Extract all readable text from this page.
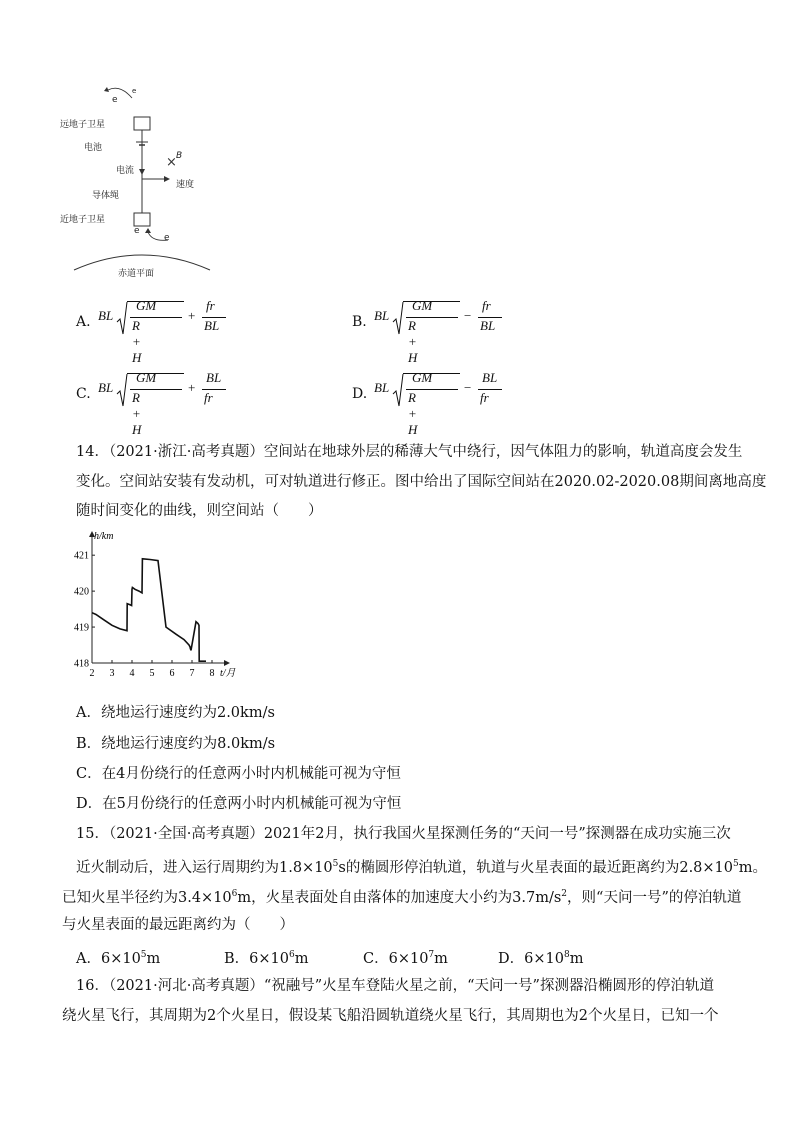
×
远地子卫星
电池
电流
导体绳
速度
近地子卫星
赤道平面
B
e
e
e
e
A. BL
GM
R + H
+
fr
BL	B. BL
GM
R + H
−
fr
BL
C. BL
GM
R + H
+
BL
fr	D. BL
GM
R + H
−
BL
fr
14．（2021·浙江·高考真题）空间站在地球外层的稀薄大气中绕行，因气体阻力的影响，轨道高度会发生
变化。空间站安装有发动机，可对轨道进行修正。图中给出了国际空间站在2020.02-2020.08期间离地高度
随时间变化的曲线，则空间站（　　）
418
419
420
421
2 3 4 5 6 7 8
h/km
t/月
A．绕地运行速度约为2.0km/s
B．绕地运行速度约为8.0km/s
C．在4月份绕行的任意两小时内机械能可视为守恒
D．在5月份绕行的任意两小时内机械能可视为守恒
15．（2021·全国·高考真题）2021年2月，执行我国火星探测任务的“天问一号”探测器在成功实施三次
近火制动后，进入运行周期约为$1.8\times 10^5s$的椭圆形停泊轨道，轨道与火星表面的最近距离约为$2.8\times 10^5m$。
已知火星半径约为$3.4\times 10^6m$，火星表面处自由落体的加速度大小约为$3.7m/s^2$，则“天问一号”的停泊轨道
与火星表面的最远距离约为（　　）
A．$6\times 10^5m$	B．$6\times 10^6m$	C．$6\times 10^7m$	D．$6\times 10^8m$
16．（2021·河北·高考真题）“祝融号”火星车登陆火星之前，“天问一号”探测器沿椭圆形的停泊轨道
绕火星飞行，其周期为2个火星日，假设某飞船沿圆轨道绕火星飞行，其周期也为2个火星日，已知一个
